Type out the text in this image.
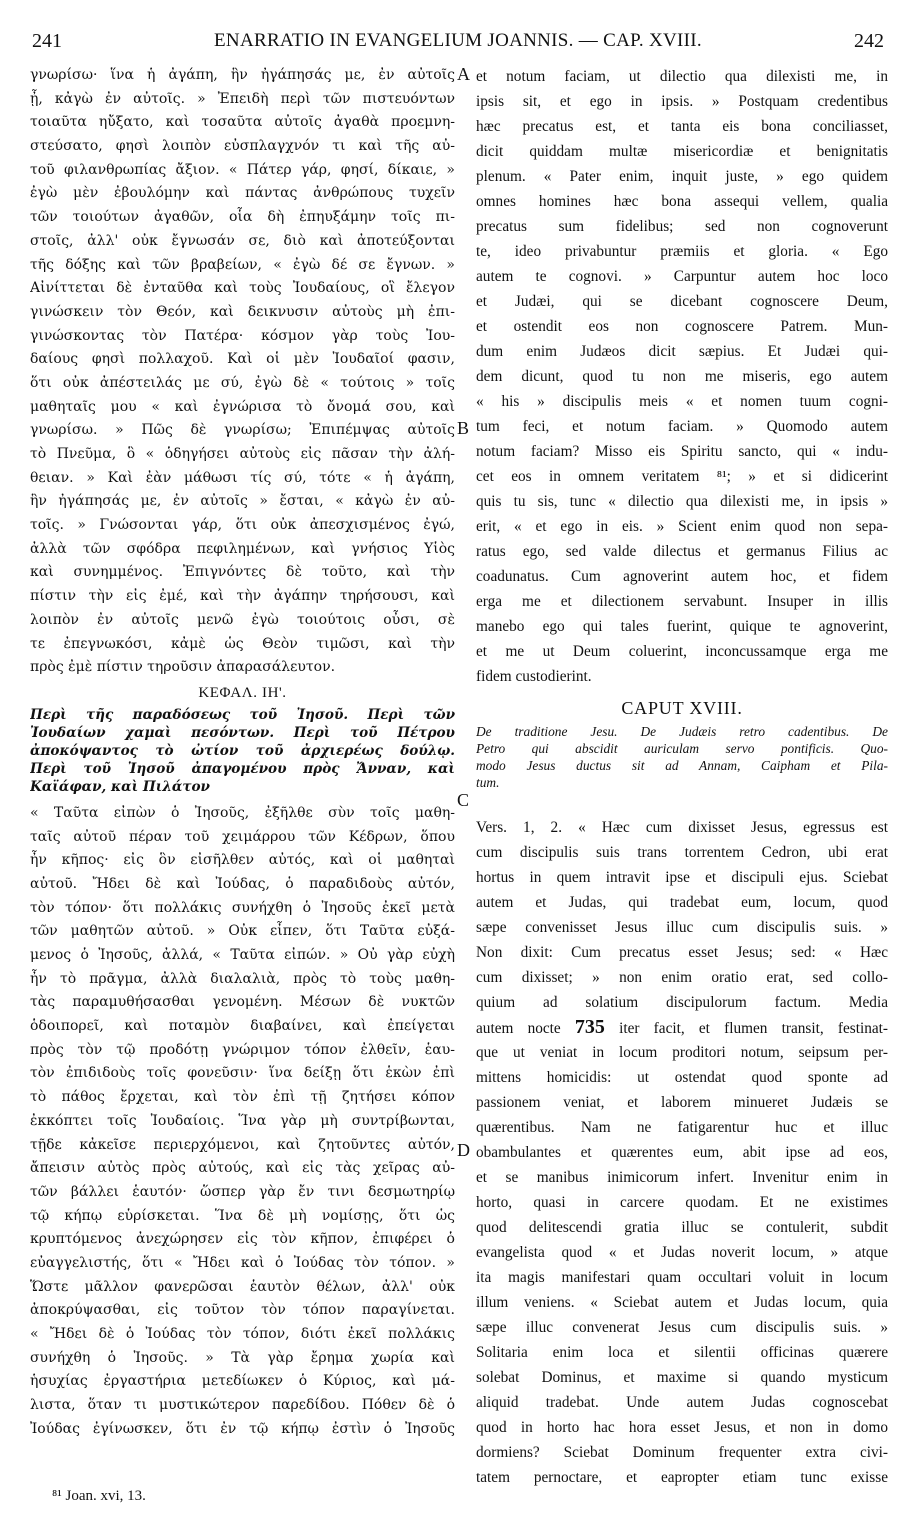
241	ENARRATIO IN EVANGELIUM JOANNIS. — CAP. XVIII.	242
A
B
C
D
γνωρίσω· ἵνα ἡ ἀγάπη, ἣν ἠγάπησάς με, ἐν αὐτοῖς
ᾖ, κἀγὼ ἐν αὐτοῖς. » Ἐπειδὴ περὶ τῶν πιστευόντων
τοιαῦτα ηὔξατο, καὶ τοσαῦτα αὐτοῖς ἀγαθὰ προεμνη-
στεύσατο, φησὶ λοιπὸν εὐσπλαγχνόν τι καὶ τῆς αὐ-
τοῦ φιλανθρωπίας ἄξιον. « Πάτερ γάρ, φησί, δίκαιε, »
ἐγὼ μὲν ἐβουλόμην καὶ πάντας ἀνθρώπους τυχεῖν
τῶν τοιούτων ἀγαθῶν, οἷα δὴ ἐπηυξάμην τοῖς πι-
στοῖς, ἀλλ' οὐκ ἔγνωσάν σε, διὸ καὶ ἀποτεύξονται
τῆς δόξης καὶ τῶν βραβείων, « ἐγὼ δέ σε ἔγνων. »
Αἰνίττεται δὲ ἐνταῦθα καὶ τοὺς Ἰουδαίους, οἳ ἔλεγον
γινώσκειν τὸν Θεόν, καὶ δεικνυσιν αὐτοὺς μὴ ἐπι-
γινώσκοντας τὸν Πατέρα· κόσμον γὰρ τοὺς Ἰου-
δαίους φησὶ πολλαχοῦ. Καὶ οἱ μὲν Ἰουδαῖοί φασιν,
ὅτι οὐκ ἀπέστειλάς με σύ, ἐγὼ δὲ « τούτοις » τοῖς
μαθηταῖς μου « καὶ ἐγνώρισα τὸ ὄνομά σου, καὶ
γνωρίσω. » Πῶς δὲ γνωρίσω; Ἐπιπέμψας αὐτοῖς
τὸ Πνεῦμα, ὃ « ὁδηγήσει αὐτοὺς εἰς πᾶσαν τὴν ἀλή-
θειαν. » Καὶ ἐὰν μάθωσι τίς σύ, τότε « ἡ ἀγάπη,
ἣν ἠγάπησάς με, ἐν αὐτοῖς » ἔσται, « κἀγὼ ἐν αὐ-
τοῖς. » Γνώσονται γάρ, ὅτι οὐκ ἀπεσχισμένος ἐγώ,
ἀλλὰ τῶν σφόδρα πεφιλημένων, καὶ γνήσιος Υἱὸς
καὶ συνημμένος. Ἐπιγνόντες δὲ τοῦτο, καὶ τὴν
πίστιν τὴν εἰς ἐμέ, καὶ τὴν ἀγάπην τηρήσουσι, καὶ
λοιπὸν ἐν αὐτοῖς μενῶ ἐγὼ τοιούτοις οὖσι, σὲ
τε ἐπεγνωκόσι, κἀμὲ ὡς Θεὸν τιμῶσι, καὶ τὴν
πρὸς ἐμὲ πίστιν τηροῦσιν ἀπαρασάλευτον.
ΚΕΦΑΛ. ΙΗ'.
Περὶ τῆς παραδόσεως τοῦ Ἰησοῦ. Περὶ τῶν
Ἰουδαίων χαμαὶ πεσόντων. Περὶ τοῦ Πέτρου
ἀποκόψαντος τὸ ὠτίον τοῦ ἀρχιερέως δούλῳ.
Περὶ τοῦ Ἰησοῦ ἀπαγομένου πρὸς Ἄνναν, καὶ
Καϊάφαν, καὶ Πιλάτον
« Ταῦτα εἰπὼν ὁ Ἰησοῦς, ἐξῆλθε σὺν τοῖς μαθη-
ταῖς αὐτοῦ πέραν τοῦ χειμάρρου τῶν Κέδρων, ὅπου
ἦν κῆπος· εἰς ὃν εἰσῆλθεν αὐτός, καὶ οἱ μαθηταὶ
αὐτοῦ. Ἤδει δὲ καὶ Ἰούδας, ὁ παραδιδοὺς αὐτόν,
τὸν τόπον· ὅτι πολλάκις συνήχθη ὁ Ἰησοῦς ἐκεῖ μετὰ
τῶν μαθητῶν αὐτοῦ. » Οὐκ εἶπεν, ὅτι Ταῦτα εὐξά-
μενος ὁ Ἰησοῦς, ἀλλά, « Ταῦτα εἰπών. » Οὐ γὰρ εὐχὴ
ἦν τὸ πρᾶγμα, ἀλλὰ διαλαλιὰ, πρὸς τὸ τοὺς μαθη-
τὰς παραμυθήσασθαι γενομένη. Μέσων δὲ νυκτῶν
ὁδοιπορεῖ, καὶ ποταμὸν διαβαίνει, καὶ ἐπείγεται
πρὸς τὸν τῷ προδότῃ γνώριμον τόπον ἐλθεῖν, ἑαυ-
τὸν ἐπιδιδοὺς τοῖς φονεῦσιν· ἵνα δείξῃ ὅτι ἑκὼν ἐπὶ
τὸ πάθος ἔρχεται, καὶ τὸν ἐπὶ τῇ ζητήσει κόπον
ἐκκόπτει τοῖς Ἰουδαίοις. Ἵνα γὰρ μὴ συντρίβωνται,
τῇδε κἀκεῖσε περιερχόμενοι, καὶ ζητοῦντες αὐτόν,
ἄπεισιν αὐτὸς πρὸς αὐτούς, καὶ εἰς τὰς χεῖρας αὐ-
τῶν βάλλει ἑαυτόν· ὥσπερ γὰρ ἔν τινι δεσμωτηρίῳ
τῷ κήπῳ εὑρίσκεται. Ἵνα δὲ μὴ νομίσῃς, ὅτι ὡς
κρυπτόμενος ἀνεχώρησεν εἰς τὸν κῆπον, ἐπιφέρει ὁ
εὐαγγελιστής, ὅτι « Ἤδει καὶ ὁ Ἰούδας τὸν τόπον. »
Ὥστε μᾶλλον φανερῶσαι ἑαυτὸν θέλων, ἀλλ' οὐκ
ἀποκρύψασθαι, εἰς τοῦτον τὸν τόπον παραγίνεται.
« Ἤδει δὲ ὁ Ἰούδας τὸν τόπον, διότι ἐκεῖ πολλάκις
συνήχθη ὁ Ἰησοῦς. » Τὰ γὰρ ἔρημα χωρία καὶ
ἡσυχίας ἐργαστήρια μετεδίωκεν ὁ Κύριος, καὶ μά-
λιστα, ὅταν τι μυστικώτερον παρεδίδου. Πόθεν δὲ ὁ
Ἰούδας ἐγίνωσκεν, ὅτι ἐν τῷ κήπῳ ἐστὶν ὁ Ἰησοῦς
et notum faciam, ut dilectio qua dilexisti me, in
ipsis sit, et ego in ipsis. » Postquam credentibus
hæc precatus est, et tanta eis bona conciliasset,
dicit quiddam multæ misericordiæ et benignitatis
plenum. « Pater enim, inquit juste, » ego quidem
omnes homines hæc bona assequi vellem, qualia
precatus sum fidelibus; sed non cognoverunt
te, ideo privabuntur præmiis et gloria. « Ego
autem te cognovi. » Carpuntur autem hoc loco
et Judæi, qui se dicebant cognoscere Deum,
et ostendit eos non cognoscere Patrem. Mun-
dum enim Judæos dicit sæpius. Et Judæi qui-
dem dicunt, quod tu non me miseris, ego autem
« his » discipulis meis « et nomen tuum cogni-
tum feci, et notum faciam. » Quomodo autem
notum faciam? Misso eis Spiritu sancto, qui « indu-
cet eos in omnem veritatem ⁸¹; » et si didicerint
quis tu sis, tunc « dilectio qua dilexisti me, in ipsis »
erit, « et ego in eis. » Scient enim quod non sepa-
ratus ego, sed valde dilectus et germanus Filius ac
coadunatus. Cum agnoverint autem hoc, et fidem
erga me et dilectionem servabunt. Insuper in illis
manebo ego qui tales fuerint, quique te agnoverint,
et me ut Deum coluerint, inconcussamque erga me
fidem custodierint.
CAPUT XVIII.
De traditione Jesu. De Judæis retro cadentibus. De
Petro qui abscidit auriculam servo pontificis. Quo-
modo Jesus ductus sit ad Annam, Caipham et Pila-
tum.
Vers. 1, 2. « Hæc cum dixisset Jesus, egressus est
cum discipulis suis trans torrentem Cedron, ubi erat
hortus in quem intravit ipse et discipuli ejus. Sciebat
autem et Judas, qui tradebat eum, locum, quod
sæpe convenisset Jesus illuc cum discipulis suis. »
Non dixit: Cum precatus esset Jesus; sed: « Hæc
cum dixisset; » non enim oratio erat, sed collo-
quium ad solatium discipulorum factum. Media
autem nocte 735 iter facit, et flumen transit, festinat-
que ut veniat in locum proditori notum, seipsum per-
mittens homicidis: ut ostendat quod sponte ad
passionem veniat, et laborem minueret Judæis se
quærentibus. Nam ne fatigarentur huc et illuc
obambulantes et quærentes eum, abit ipse ad eos,
et se manibus inimicorum infert. Invenitur enim in
horto, quasi in carcere quodam. Et ne existimes
quod delitescendi gratia illuc se contulerit, subdit
evangelista quod « et Judas noverit locum, » atque
ita magis manifestari quam occultari voluit in locum
illum veniens. « Sciebat autem et Judas locum, quia
sæpe illuc convenerat Jesus cum discipulis suis. »
Solitaria enim loca et silentii officinas quærere
solebat Dominus, et maxime si quando mysticum
aliquid tradebat. Unde autem Judas cognoscebat
quod in horto hac hora esset Jesus, et non in domo
dormiens? Sciebat Dominum frequenter extra civi-
tatem pernoctare, et eapropter etiam tunc exisse
⁸¹ Joan. xvi, 13.
